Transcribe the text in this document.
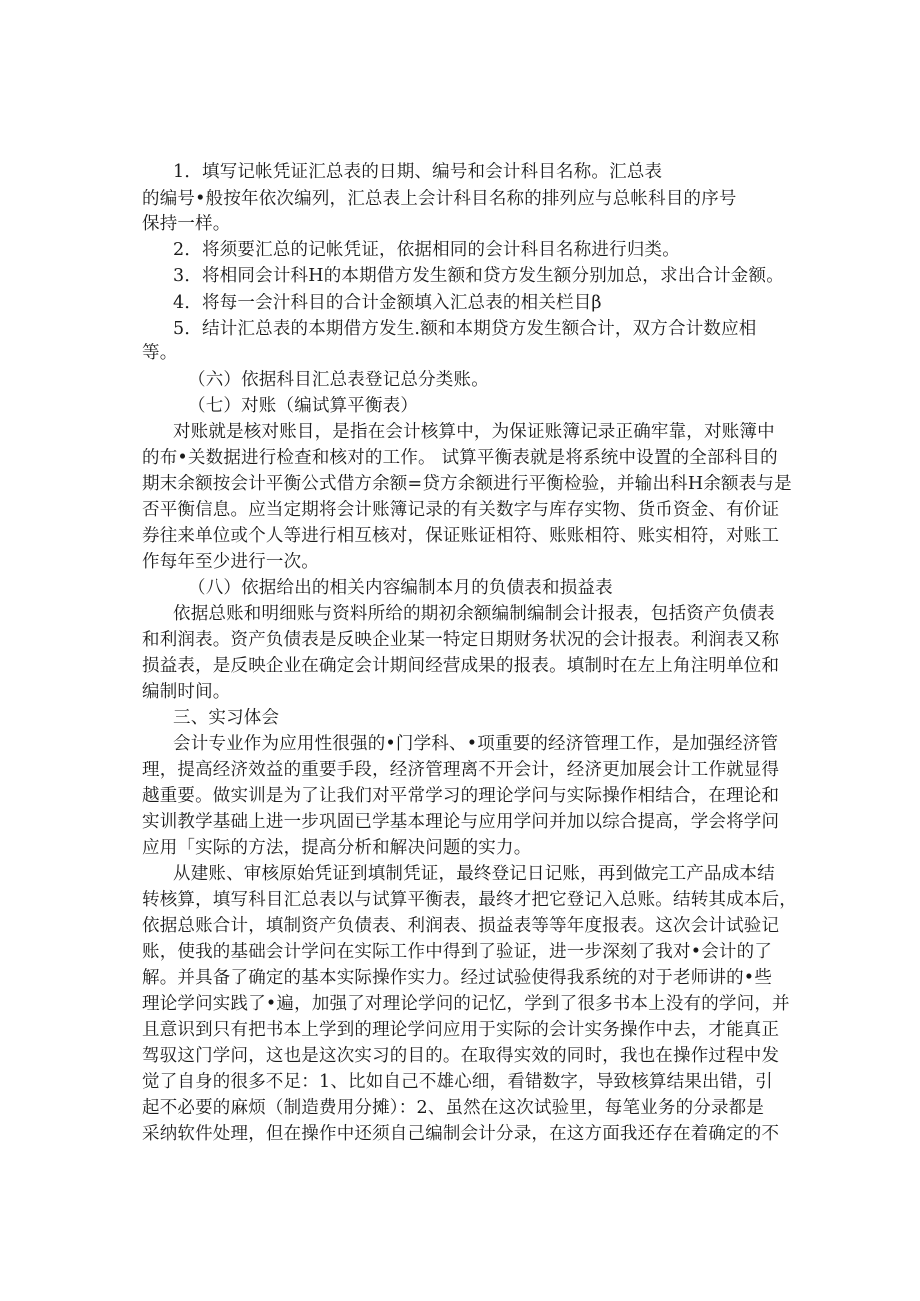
1．填写记帐凭证汇总表的日期、编号和会计科目名称。汇总表
的编号•般按年依次编列，汇总表上会计科目名称的排列应与总帐科目的序号
保持一样。
2．将须要汇总的记帐凭证，依据相同的会计科目名称进行归类。
3．将相同会计科H的本期借方发生额和贷方发生额分别加总，求出合计金额。
4．将每一会汁科目的合计金额填入汇总表的相关栏目β
5．结计汇总表的本期借方发生.额和本期贷方发生额合计，双方合计数应相
等。
（六）依据科目汇总表登记总分类账。
（七）对账（编试算平衡表）
对账就是核对账目，是指在会计核算中，为保证账簿记录正确牢靠，对账簿中
的布•关数据进行检查和核对的工作。 试算平衡表就是将系统中设置的全部科目的
期末余额按会计平衡公式借方余额=贷方余额进行平衡检验，并输出科H余额表与是
否平衡信息。应当定期将会计账簿记录的有关数字与库存实物、货币资金、有价证
券往来单位或个人等进行相互核对，保证账证相符、账账相符、账实相符，对账工
作每年至少进行一次。
（八）依据给出的相关内容编制本月的负债表和损益表
依据总账和明细账与资料所给的期初余额编制编制会计报表，包括资产负债表
和利润表。资产负债表是反映企业某一特定日期财务状况的会计报表。利润表又称
损益表，是反映企业在确定会计期间经营成果的报表。填制时在左上角注明单位和
编制时间。
三、实习体会
会计专业作为应用性很强的•门学科、•项重要的经济管理工作，是加强经济管
理，提高经济效益的重要手段，经济管理离不开会计，经济更加展会计工作就显得
越重要。做实训是为了让我们对平常学习的理论学问与实际操作相结合，在理论和
实训教学基础上进一步巩固已学基本理论与应用学问并加以综合提高，学会将学问
应用「实际的方法，提高分析和解决问题的实力。
从建账、审核原始凭证到填制凭证，最终登记日记账，再到做完工产品成本结
转核算，填写科目汇总表以与试算平衡表，最终才把它登记入总账。结转其成本后，
依据总账合计，填制资产负债表、利润表、损益表等等年度报表。这次会计试验记
账，使我的基础会计学问在实际工作中得到了验证，进一步深刻了我对•会计的了
解。并具备了确定的基本实际操作实力。经过试验使得我系统的对于老师讲的•些
理论学问实践了•遍，加强了对理论学问的记忆，学到了很多书本上没有的学问，并
且意识到只有把书本上学到的理论学问应用于实际的会计实务操作中去，才能真正
驾驭这门学问，这也是这次实习的目的。在取得实效的同时，我也在操作过程中发
觉了自身的很多不足：1、比如自己不雄心细，看错数字，导致核算结果出错，引
起不必要的麻烦（制造费用分摊）：2、虽然在这次试验里，每笔业务的分录都是
采纳软件处理，但在操作中还须自己编制会计分录，在这方面我还存在着确定的不
